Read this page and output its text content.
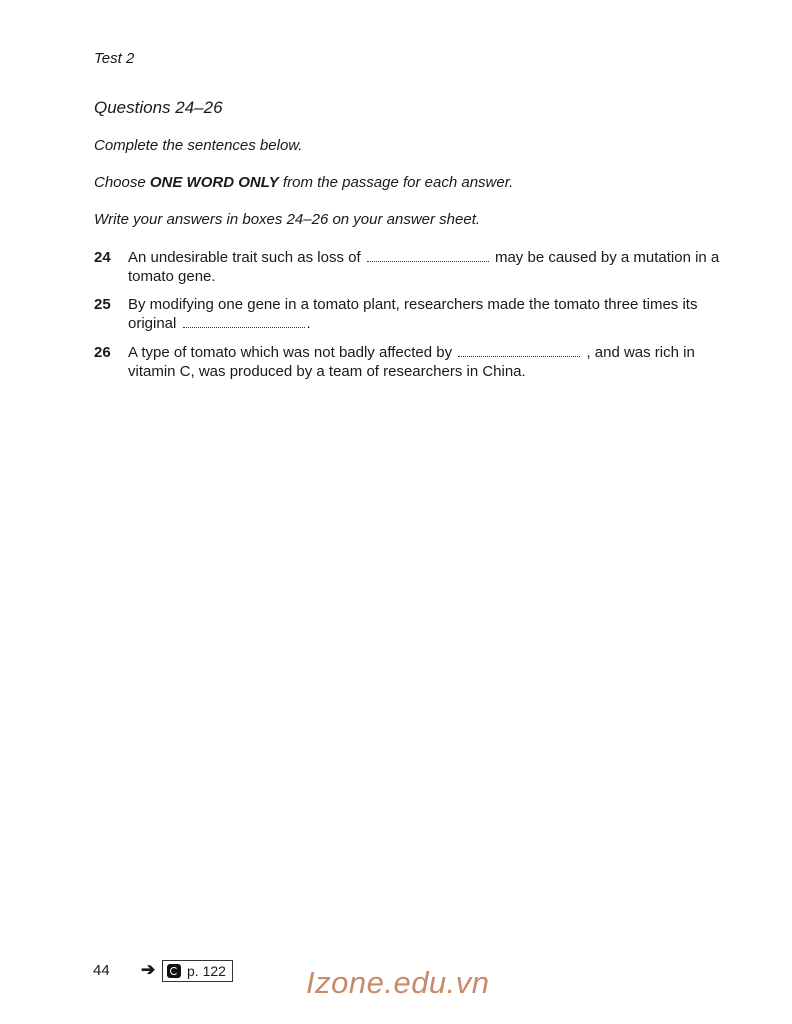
Test 2
Questions 24–26
Complete the sentences below.
Choose ONE WORD ONLY from the passage for each answer.
Write your answers in boxes 24–26 on your answer sheet.
24 An undesirable trait such as loss of	may be caused by a mutation in a tomato gene.
25 By modifying one gene in a tomato plant, researchers made the tomato three times its original	.
26 A type of tomato which was not badly affected by	, and was rich in vitamin C, was produced by a team of researchers in China.
44 ➔ p. 122	Izone.edu.vn
